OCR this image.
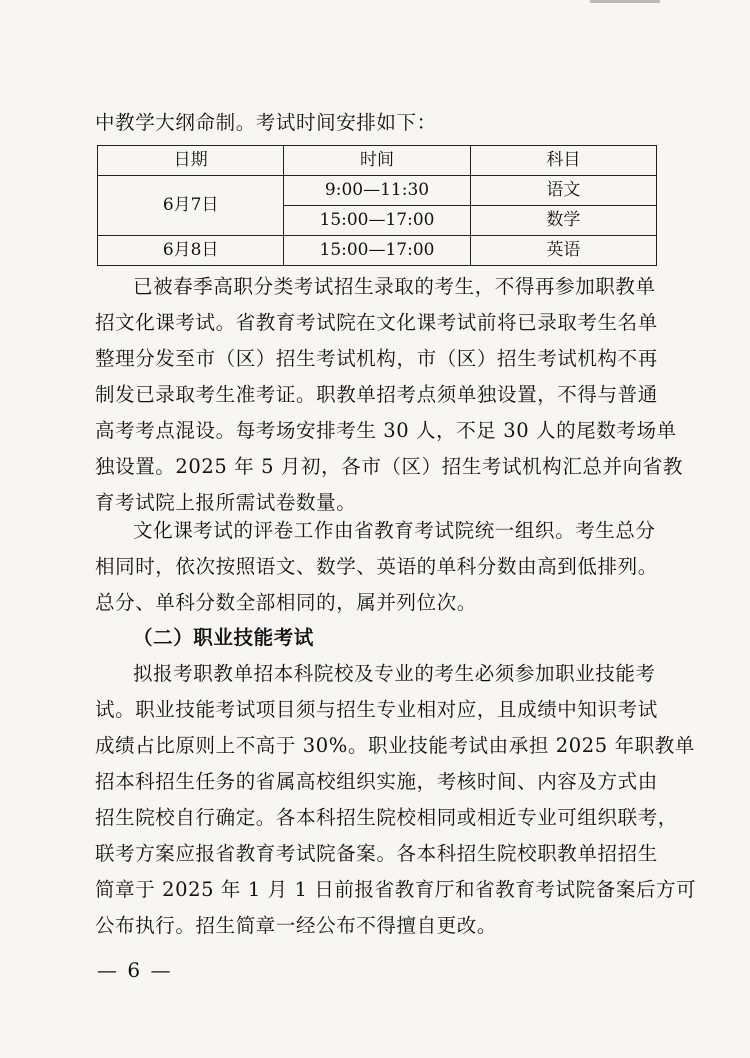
中教学大纲命制。考试时间安排如下：
日期	时间	科目
6月7日	9:00—11:30	语文
	15:00—17:00	数学
6月8日	15:00—17:00	英语
已被春季高职分类考试招生录取的考生，不得再参加职教单
招文化课考试。省教育考试院在文化课考试前将已录取考生名单
整理分发至市（区）招生考试机构，市（区）招生考试机构不再
制发已录取考生准考证。职教单招考点须单独设置，不得与普通
高考考点混设。每考场安排考生 30 人，不足 30 人的尾数考场单
独设置。2025 年 5 月初，各市（区）招生考试机构汇总并向省教
育考试院上报所需试卷数量。
文化课考试的评卷工作由省教育考试院统一组织。考生总分
相同时，依次按照语文、数学、英语的单科分数由高到低排列。
总分、单科分数全部相同的，属并列位次。
（二）职业技能考试
拟报考职教单招本科院校及专业的考生必须参加职业技能考
试。职业技能考试项目须与招生专业相对应，且成绩中知识考试
成绩占比原则上不高于 30%。职业技能考试由承担 2025 年职教单
招本科招生任务的省属高校组织实施，考核时间、内容及方式由
招生院校自行确定。各本科招生院校相同或相近专业可组织联考，
联考方案应报省教育考试院备案。各本科招生院校职教单招招生
简章于 2025 年 1 月 1 日前报省教育厅和省教育考试院备案后方可
公布执行。招生简章一经公布不得擅自更改。
— 6 —
